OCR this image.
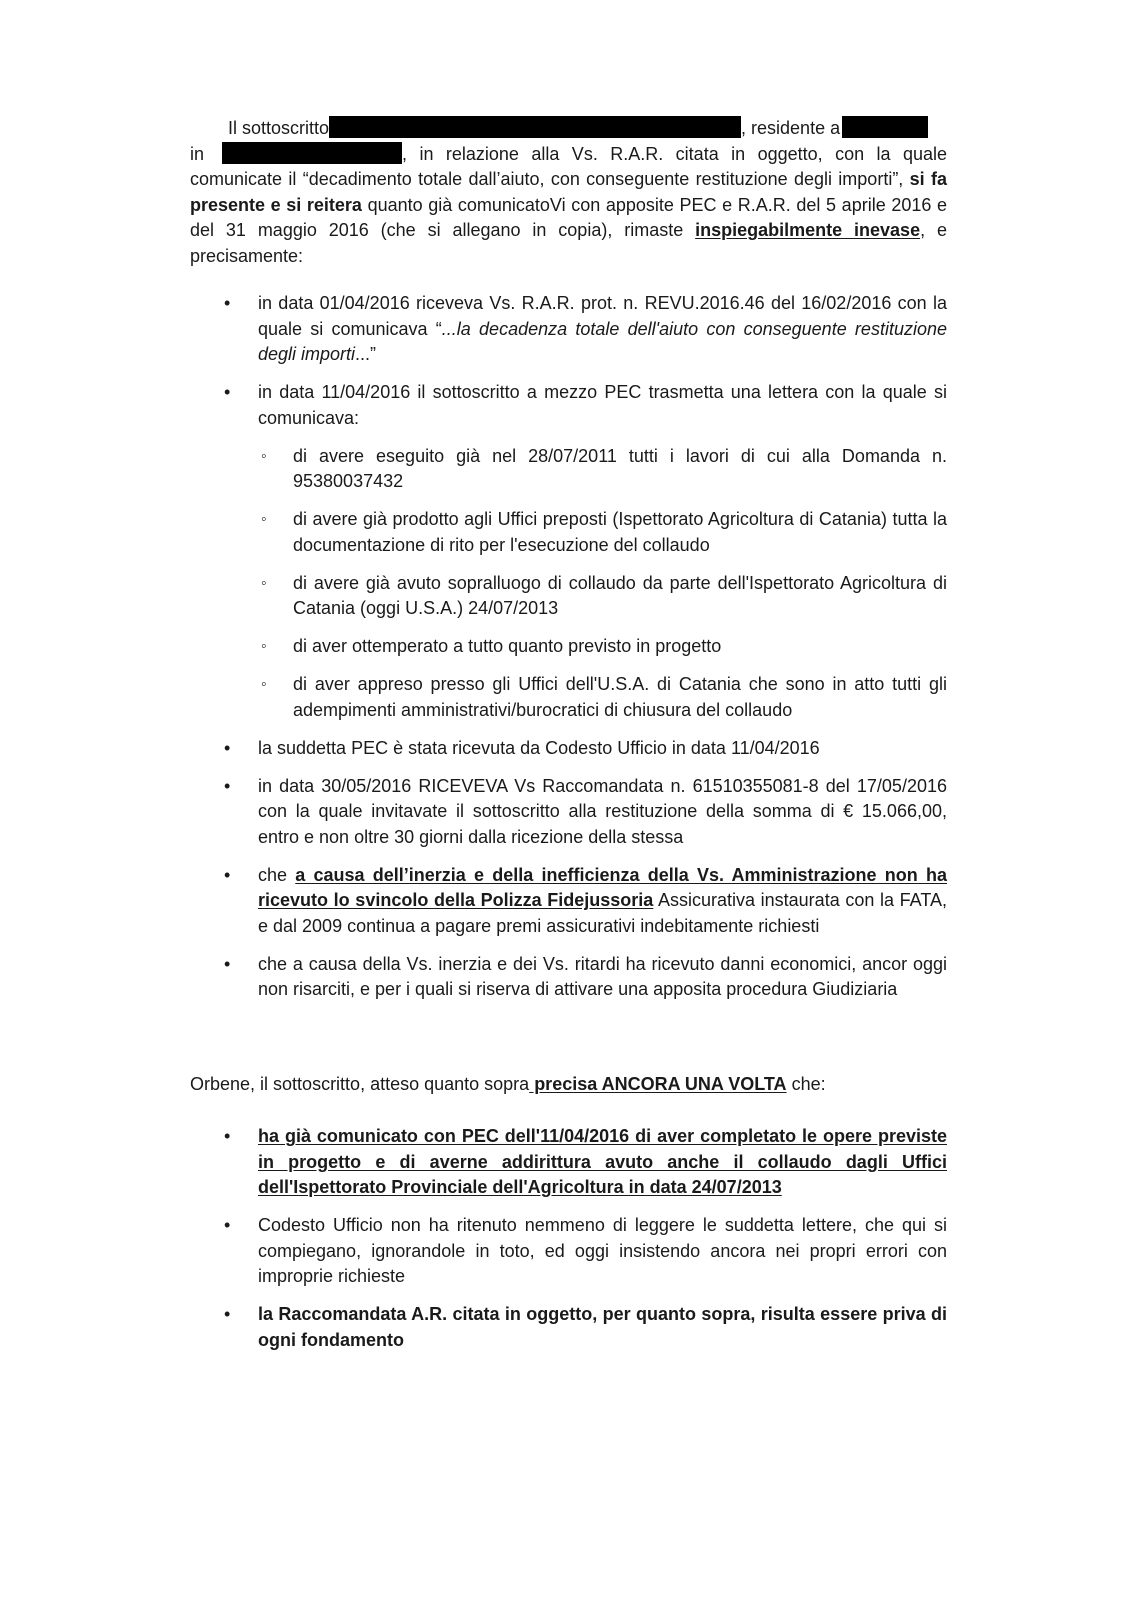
Il sottoscritto	, residente a
in	, in relazione alla Vs. R.A.R. citata in oggetto, con la quale comunicate il “decadimento totale dall’aiuto, con conseguente restituzione degli importi”, si fa presente e si reitera quanto già comunicatoVi con apposite PEC e R.A.R. del 5 aprile 2016 e del 31 maggio 2016 (che si allegano in copia), rimaste inspiegabilmente inevase, e precisamente:
• in data 01/04/2016 riceveva Vs. R.A.R. prot. n. REVU.2016.46 del 16/02/2016 con la quale si comunicava “...la decadenza totale dell'aiuto con conseguente restituzione degli importi...”
• in data 11/04/2016 il sottoscritto a mezzo PEC trasmetta una lettera con la quale si comunicava:
◦ di avere eseguito già nel 28/07/2011 tutti i lavori di cui alla Domanda n. 95380037432
◦ di avere già prodotto agli Uffici preposti (Ispettorato Agricoltura di Catania) tutta la documentazione di rito per l'esecuzione del collaudo
◦ di avere già avuto sopralluogo di collaudo da parte dell'Ispettorato Agricoltura di Catania (oggi U.S.A.) 24/07/2013
◦ di aver ottemperato a tutto quanto previsto in progetto
◦ di aver appreso presso gli Uffici dell'U.S.A. di Catania che sono in atto tutti gli adempimenti amministrativi/burocratici di chiusura del collaudo
• la suddetta PEC è stata ricevuta da Codesto Ufficio in data 11/04/2016
• in data 30/05/2016 RICEVEVA Vs Raccomandata n. 61510355081-8 del 17/05/2016 con la quale invitavate il sottoscritto alla restituzione della somma di € 15.066,00, entro e non oltre 30 giorni dalla ricezione della stessa
• che a causa dell’inerzia e della inefficienza della Vs. Amministrazione non ha ricevuto lo svincolo della Polizza Fidejussoria Assicurativa instaurata con la FATA, e dal 2009 continua a pagare premi assicurativi indebitamente richiesti
• che a causa della Vs. inerzia e dei Vs. ritardi ha ricevuto danni economici, ancor oggi non risarciti, e per i quali si riserva di attivare una apposita procedura Giudiziaria
Orbene, il sottoscritto, atteso quanto sopra precisa ANCORA UNA VOLTA che:
• ha già comunicato con PEC dell'11/04/2016 di aver completato le opere previste in progetto e di averne addirittura avuto anche il collaudo dagli Uffici dell'Ispettorato Provinciale dell'Agricoltura in data 24/07/2013
• Codesto Ufficio non ha ritenuto nemmeno di leggere le suddetta lettere, che qui si compiegano, ignorandole in toto, ed oggi insistendo ancora nei propri errori con improprie richieste
• la Raccomandata A.R. citata in oggetto, per quanto sopra, risulta essere priva di ogni fondamento
